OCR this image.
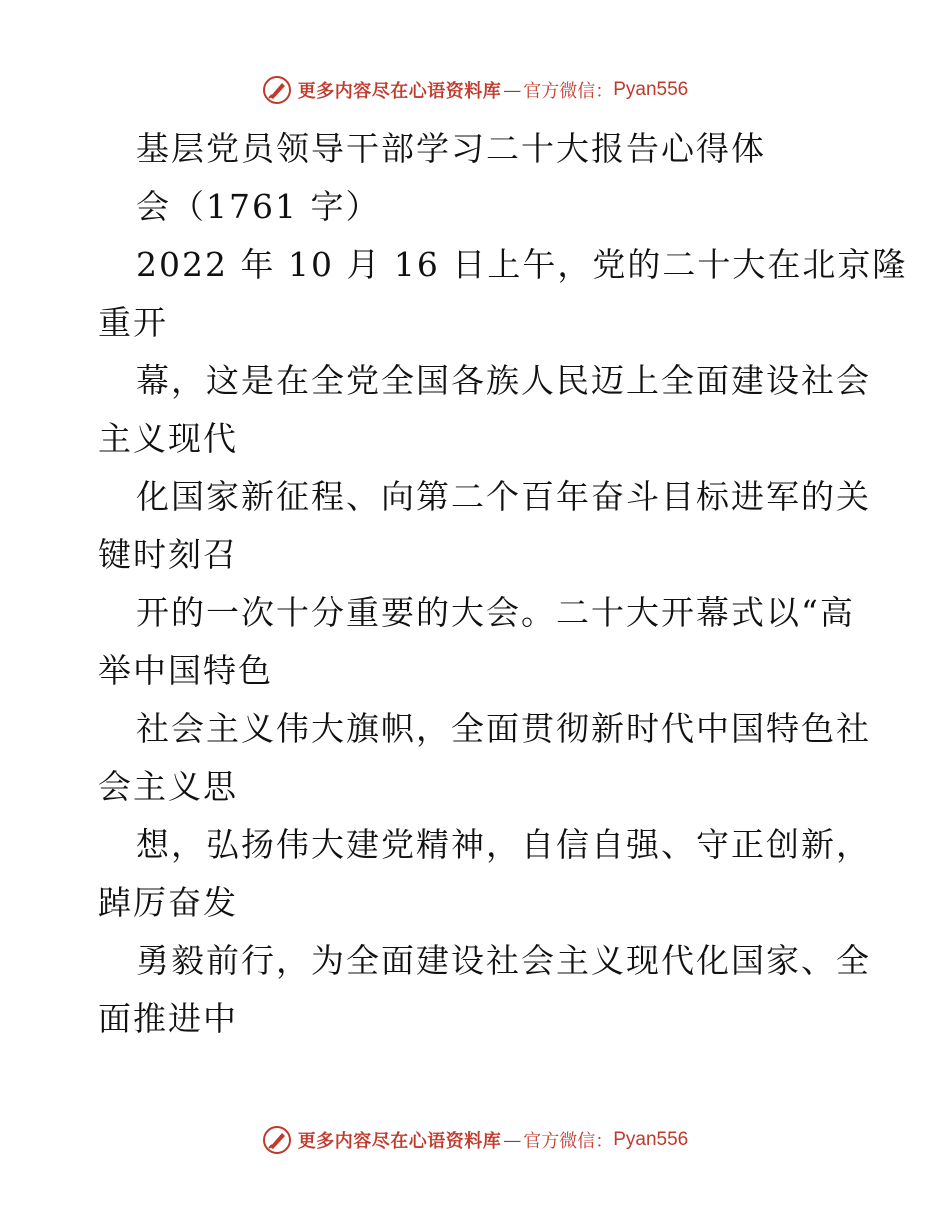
更多内容尽在心语资料库 — 官方微信： Pyan556
基层党员领导干部学习二十大报告心得体
会（1761 字）
2022 年 10 月 16 日上午，党的二十大在北京隆
重开
幕，这是在全党全国各族人民迈上全面建设社会
主义现代
化国家新征程、向第二个百年奋斗目标进军的关
键时刻召
开的一次十分重要的大会。二十大开幕式以“高
举中国特色
社会主义伟大旗帜，全面贯彻新时代中国特色社
会主义思
想，弘扬伟大建党精神，自信自强、守正创新，
踔厉奋发
勇毅前行，为全面建设社会主义现代化国家、全
面推进中
更多内容尽在心语资料库 — 官方微信： Pyan556
